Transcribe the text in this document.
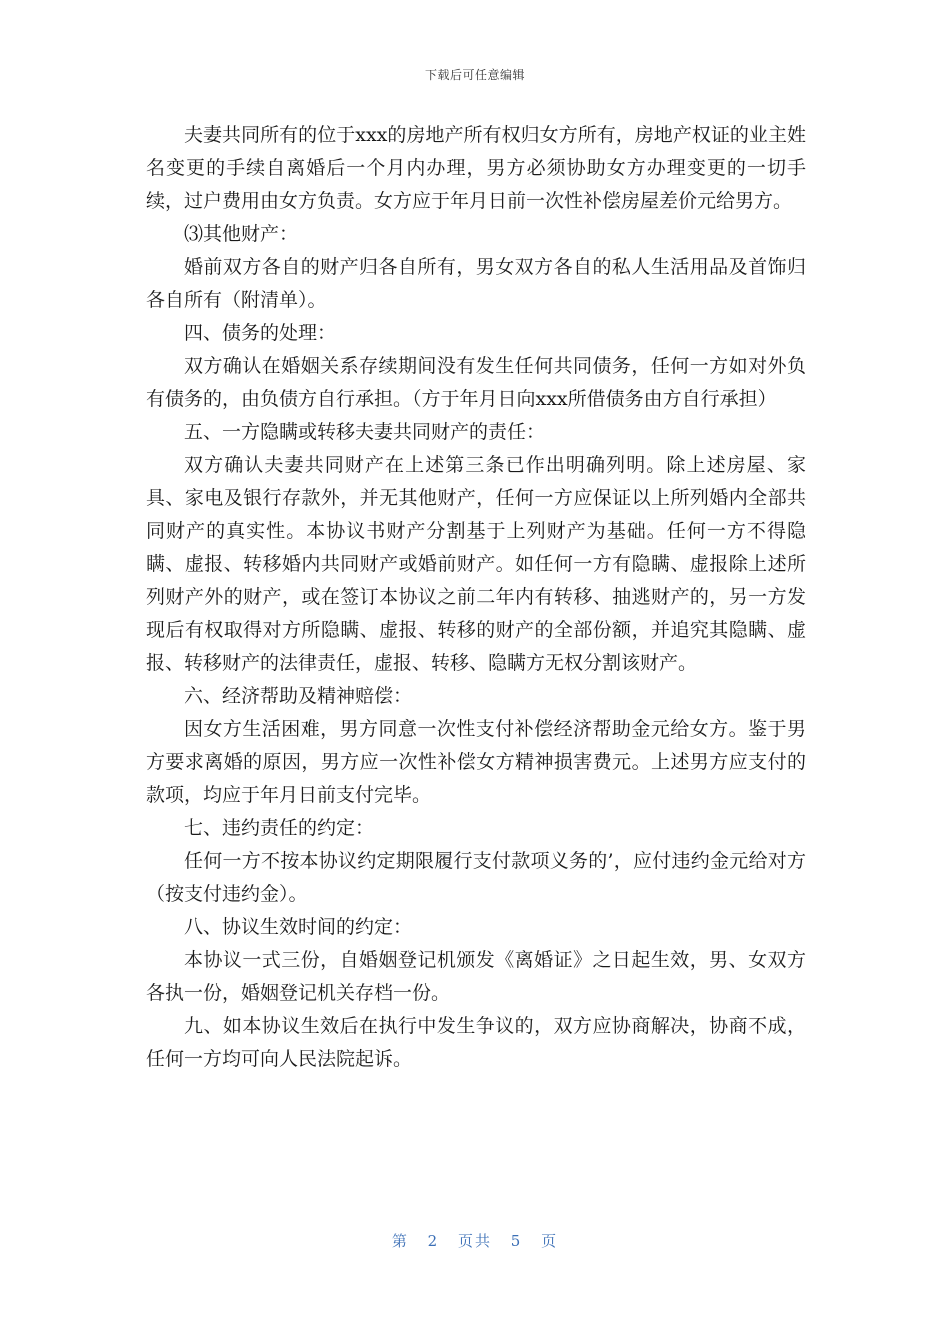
下载后可任意编辑

夫妻共同所有的位于xxx的房地产所有权归女方所有，房地产权证的业主姓名变更的手续自离婚后一个月内办理，男方必须协助女方办理变更的一切手续，过户费用由女方负责。女方应于年月日前一次性补偿房屋差价元给男方。

⑶其他财产：

婚前双方各自的财产归各自所有，男女双方各自的私人生活用品及首饰归各自所有（附清单）。

四、债务的处理：

双方确认在婚姻关系存续期间没有发生任何共同债务，任何一方如对外负有债务的，由负债方自行承担。（方于年月日向xxx所借债务由方自行承担）

五、一方隐瞒或转移夫妻共同财产的责任：

双方确认夫妻共同财产在上述第三条已作出明确列明。除上述房屋、家具、家电及银行存款外，并无其他财产，任何一方应保证以上所列婚内全部共同财产的真实性。本协议书财产分割基于上列财产为基础。任何一方不得隐瞒、虚报、转移婚内共同财产或婚前财产。如任何一方有隐瞒、虚报除上述所列财产外的财产，或在签订本协议之前二年内有转移、抽逃财产的，另一方发现后有权取得对方所隐瞒、虚报、转移的财产的全部份额，并追究其隐瞒、虚报、转移财产的法律责任，虚报、转移、隐瞒方无权分割该财产。

六、经济帮助及精神赔偿：

因女方生活困难，男方同意一次性支付补偿经济帮助金元给女方。鉴于男方要求离婚的原因，男方应一次性补偿女方精神损害费元。上述男方应支付的款项，均应于年月日前支付完毕。

七、违约责任的约定：

任何一方不按本协议约定期限履行支付款项义务的’，应付违约金元给对方（按支付违约金）。

八、协议生效时间的约定：

本协议一式三份，自婚姻登记机颁发《离婚证》之日起生效，男、女双方各执一份，婚姻登记机关存档一份。

九、如本协议生效后在执行中发生争议的，双方应协商解决，协商不成，任何一方均可向人民法院起诉。

第 2 页共 5 页
